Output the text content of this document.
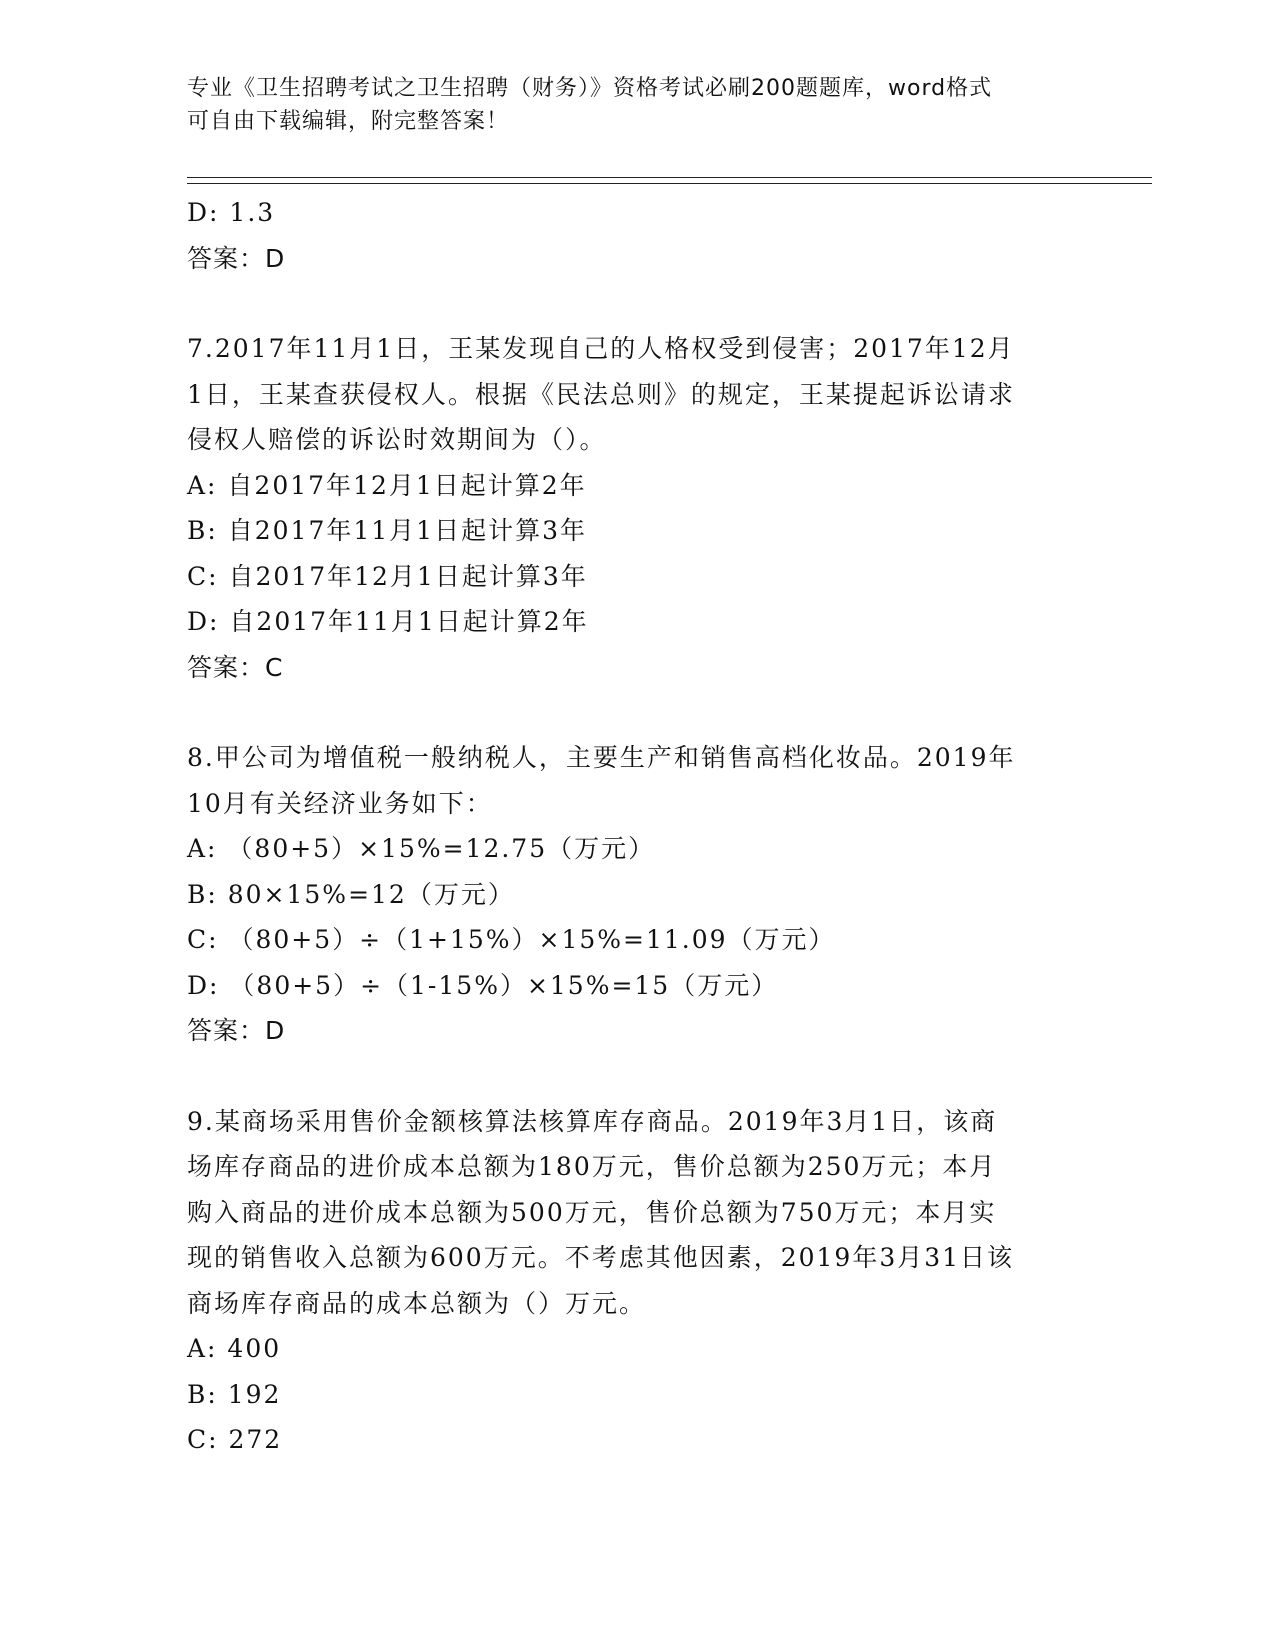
专业《卫生招聘考试之卫生招聘（财务）》资格考试必刷200题题库，word格式
可自由下载编辑，附完整答案！

D: 1.3

答案：D

7.2017年11月1日，王某发现自己的人格权受到侵害；2017年12月

1日，王某查获侵权人。根据《民法总则》的规定，王某提起诉讼请求

侵权人赔偿的诉讼时效期间为（）。

A: 自2017年12月1日起计算2年

B: 自2017年11月1日起计算3年

C: 自2017年12月1日起计算3年

D: 自2017年11月1日起计算2年

答案：C

8.甲公司为增值税一般纳税人，主要生产和销售高档化妆品。2019年

10月有关经济业务如下：

A: （80+5）×15%=12.75（万元）

B: 80×15%=12（万元）

C: （80+5）÷（1+15%）×15%=11.09（万元）

D: （80+5）÷（1-15%）×15%=15（万元）

答案：D

9.某商场采用售价金额核算法核算库存商品。2019年3月1日，该商

场库存商品的进价成本总额为180万元，售价总额为250万元；本月

购入商品的进价成本总额为500万元，售价总额为750万元；本月实

现的销售收入总额为600万元。不考虑其他因素，2019年3月31日该

商场库存商品的成本总额为（）万元。

A: 400

B: 192

C: 272
